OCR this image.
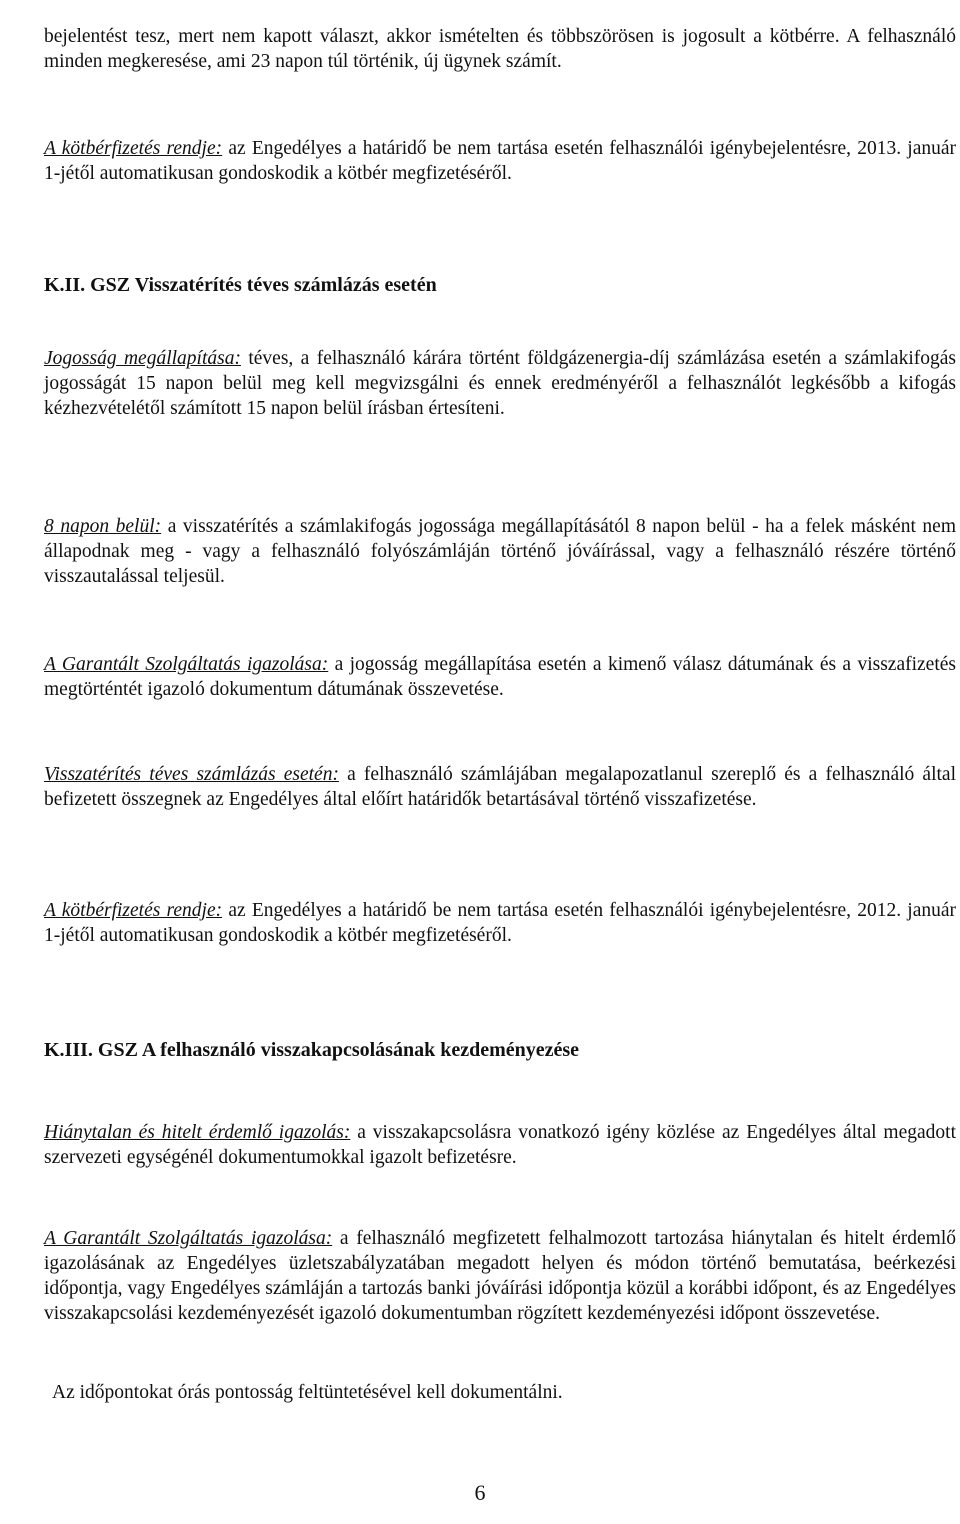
bejelentést tesz, mert nem kapott választ, akkor ismételten és többszörösen is jogosult a kötbérre. A felhasználó minden megkeresése, ami 23 napon túl történik, új ügynek számít.
A kötbérfizetés rendje: az Engedélyes a határidő be nem tartása esetén felhasználói igénybejelentésre, 2013. január 1-jétől automatikusan gondoskodik a kötbér megfizetéséről.
K.II. GSZ Visszatérítés téves számlázás esetén
Jogosság megállapítása: téves, a felhasználó kárára történt földgázenergia-díj számlázása esetén a számlakifogás jogosságát 15 napon belül meg kell megvizsgálni és ennek eredményéről a felhasználót legkésőbb a kifogás kézhezvételétől számított 15 napon belül írásban értesíteni.
8 napon belül: a visszatérítés a számlakifogás jogossága megállapításától 8 napon belül - ha a felek másként nem állapodnak meg - vagy a felhasználó folyószámláján történő jóváírással, vagy a felhasználó részére történő visszautalással teljesül.
A Garantált Szolgáltatás igazolása: a jogosság megállapítása esetén a kimenő válasz dátumának és a visszafizetés megtörténtét igazoló dokumentum dátumának összevetése.
Visszatérítés téves számlázás esetén: a felhasználó számlájában megalapozatlanul szereplő és a felhasználó által befizetett összegnek az Engedélyes által előírt határidők betartásával történő visszafizetése.
A kötbérfizetés rendje: az Engedélyes a határidő be nem tartása esetén felhasználói igénybejelentésre, 2012. január 1-jétől automatikusan gondoskodik a kötbér megfizetéséről.
K.III. GSZ A felhasználó visszakapcsolásának kezdeményezése
Hiánytalan és hitelt érdemlő igazolás: a visszakapcsolásra vonatkozó igény közlése az Engedélyes által megadott szervezeti egységénél dokumentumokkal igazolt befizetésre.
A Garantált Szolgáltatás igazolása: a felhasználó megfizetett felhalmozott tartozása hiánytalan és hitelt érdemlő igazolásának az Engedélyes üzletszabályzatában megadott helyen és módon történő bemutatása, beérkezési időpontja, vagy Engedélyes számláján a tartozás banki jóváírási időpontja közül a korábbi időpont, és az Engedélyes visszakapcsolási kezdeményezését igazoló dokumentumban rögzített kezdeményezési időpont összevetése.
Az időpontokat órás pontosság feltüntetésével kell dokumentálni.
6
